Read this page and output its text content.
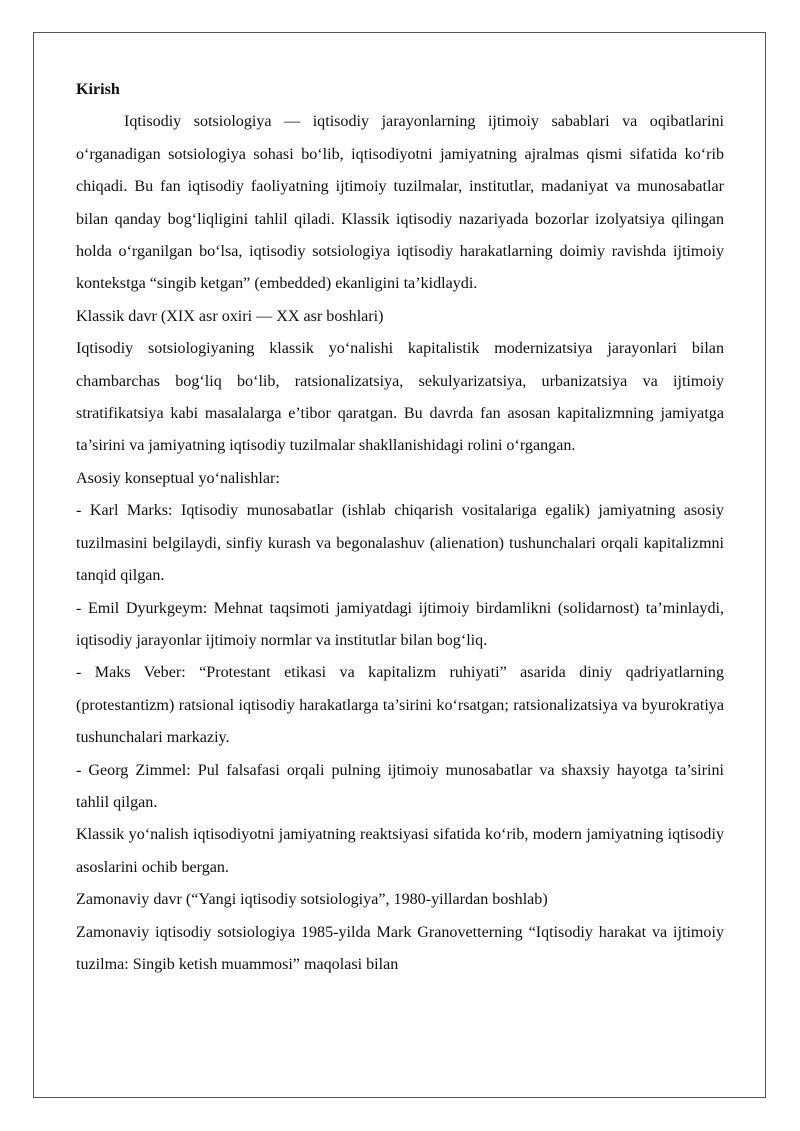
Kirish

Iqtisodiy sotsiologiya — iqtisodiy jarayonlarning ijtimoiy sabablari va oqibatlarini oʻrganadigan sotsiologiya sohasi boʻlib, iqtisodiyotni jamiyatning ajralmas qismi sifatida koʻrib chiqadi. Bu fan iqtisodiy faoliyatning ijtimoiy tuzilmalar, institutlar, madaniyat va munosabatlar bilan qanday bogʻliqligini tahlil qiladi. Klassik iqtisodiy nazariyada bozorlar izolyatsiya qilingan holda oʻrganilgan boʻlsa, iqtisodiy sotsiologiya iqtisodiy harakatlarning doimiy ravishda ijtimoiy kontekstga “singib ketgan” (embedded) ekanligini ta’kidlaydi.

Klassik davr (XIX asr oxiri — XX asr boshlari)

Iqtisodiy sotsiologiyaning klassik yoʻnalishi kapitalistik modernizatsiya jarayonlari bilan chambarchas bogʻliq boʻlib, ratsionalizatsiya, sekulyarizatsiya, urbanizatsiya va ijtimoiy stratifikatsiya kabi masalalarga e’tibor qaratgan. Bu davrda fan asosan kapitalizmning jamiyatga ta’sirini va jamiyatning iqtisodiy tuzilmalar shakllanishidagi rolini oʻrgangan.

Asosiy konseptual yoʻnalishlar:

- Karl Marks: Iqtisodiy munosabatlar (ishlab chiqarish vositalariga egalik) jamiyatning asosiy tuzilmasini belgilaydi, sinfiy kurash va begonalashuv (alienation) tushunchalari orqali kapitalizmni tanqid qilgan.

- Emil Dyurkgeym: Mehnat taqsimoti jamiyatdagi ijtimoiy birdamlikni (solidarnost) ta’minlaydi, iqtisodiy jarayonlar ijtimoiy normlar va institutlar bilan bogʻliq.

- Maks Veber: “Protestant etikasi va kapitalizm ruhiyati” asarida diniy qadriyatlarning (protestantizm) ratsional iqtisodiy harakatlarga ta’sirini koʻrsatgan; ratsionalizatsiya va byurokratiya tushunchalari markaziy.

- Georg Zimmel: Pul falsafasi orqali pulning ijtimoiy munosabatlar va shaxsiy hayotga ta’sirini tahlil qilgan.

Klassik yoʻnalish iqtisodiyotni jamiyatning reaktsiyasi sifatida koʻrib, modern jamiyatning iqtisodiy asoslarini ochib bergan.

Zamonaviy davr (“Yangi iqtisodiy sotsiologiya”, 1980-yillardan boshlab)

Zamonaviy iqtisodiy sotsiologiya 1985-yilda Mark Granovetterning “Iqtisodiy harakat va ijtimoiy tuzilma: Singib ketish muammosi” maqolasi bilan
